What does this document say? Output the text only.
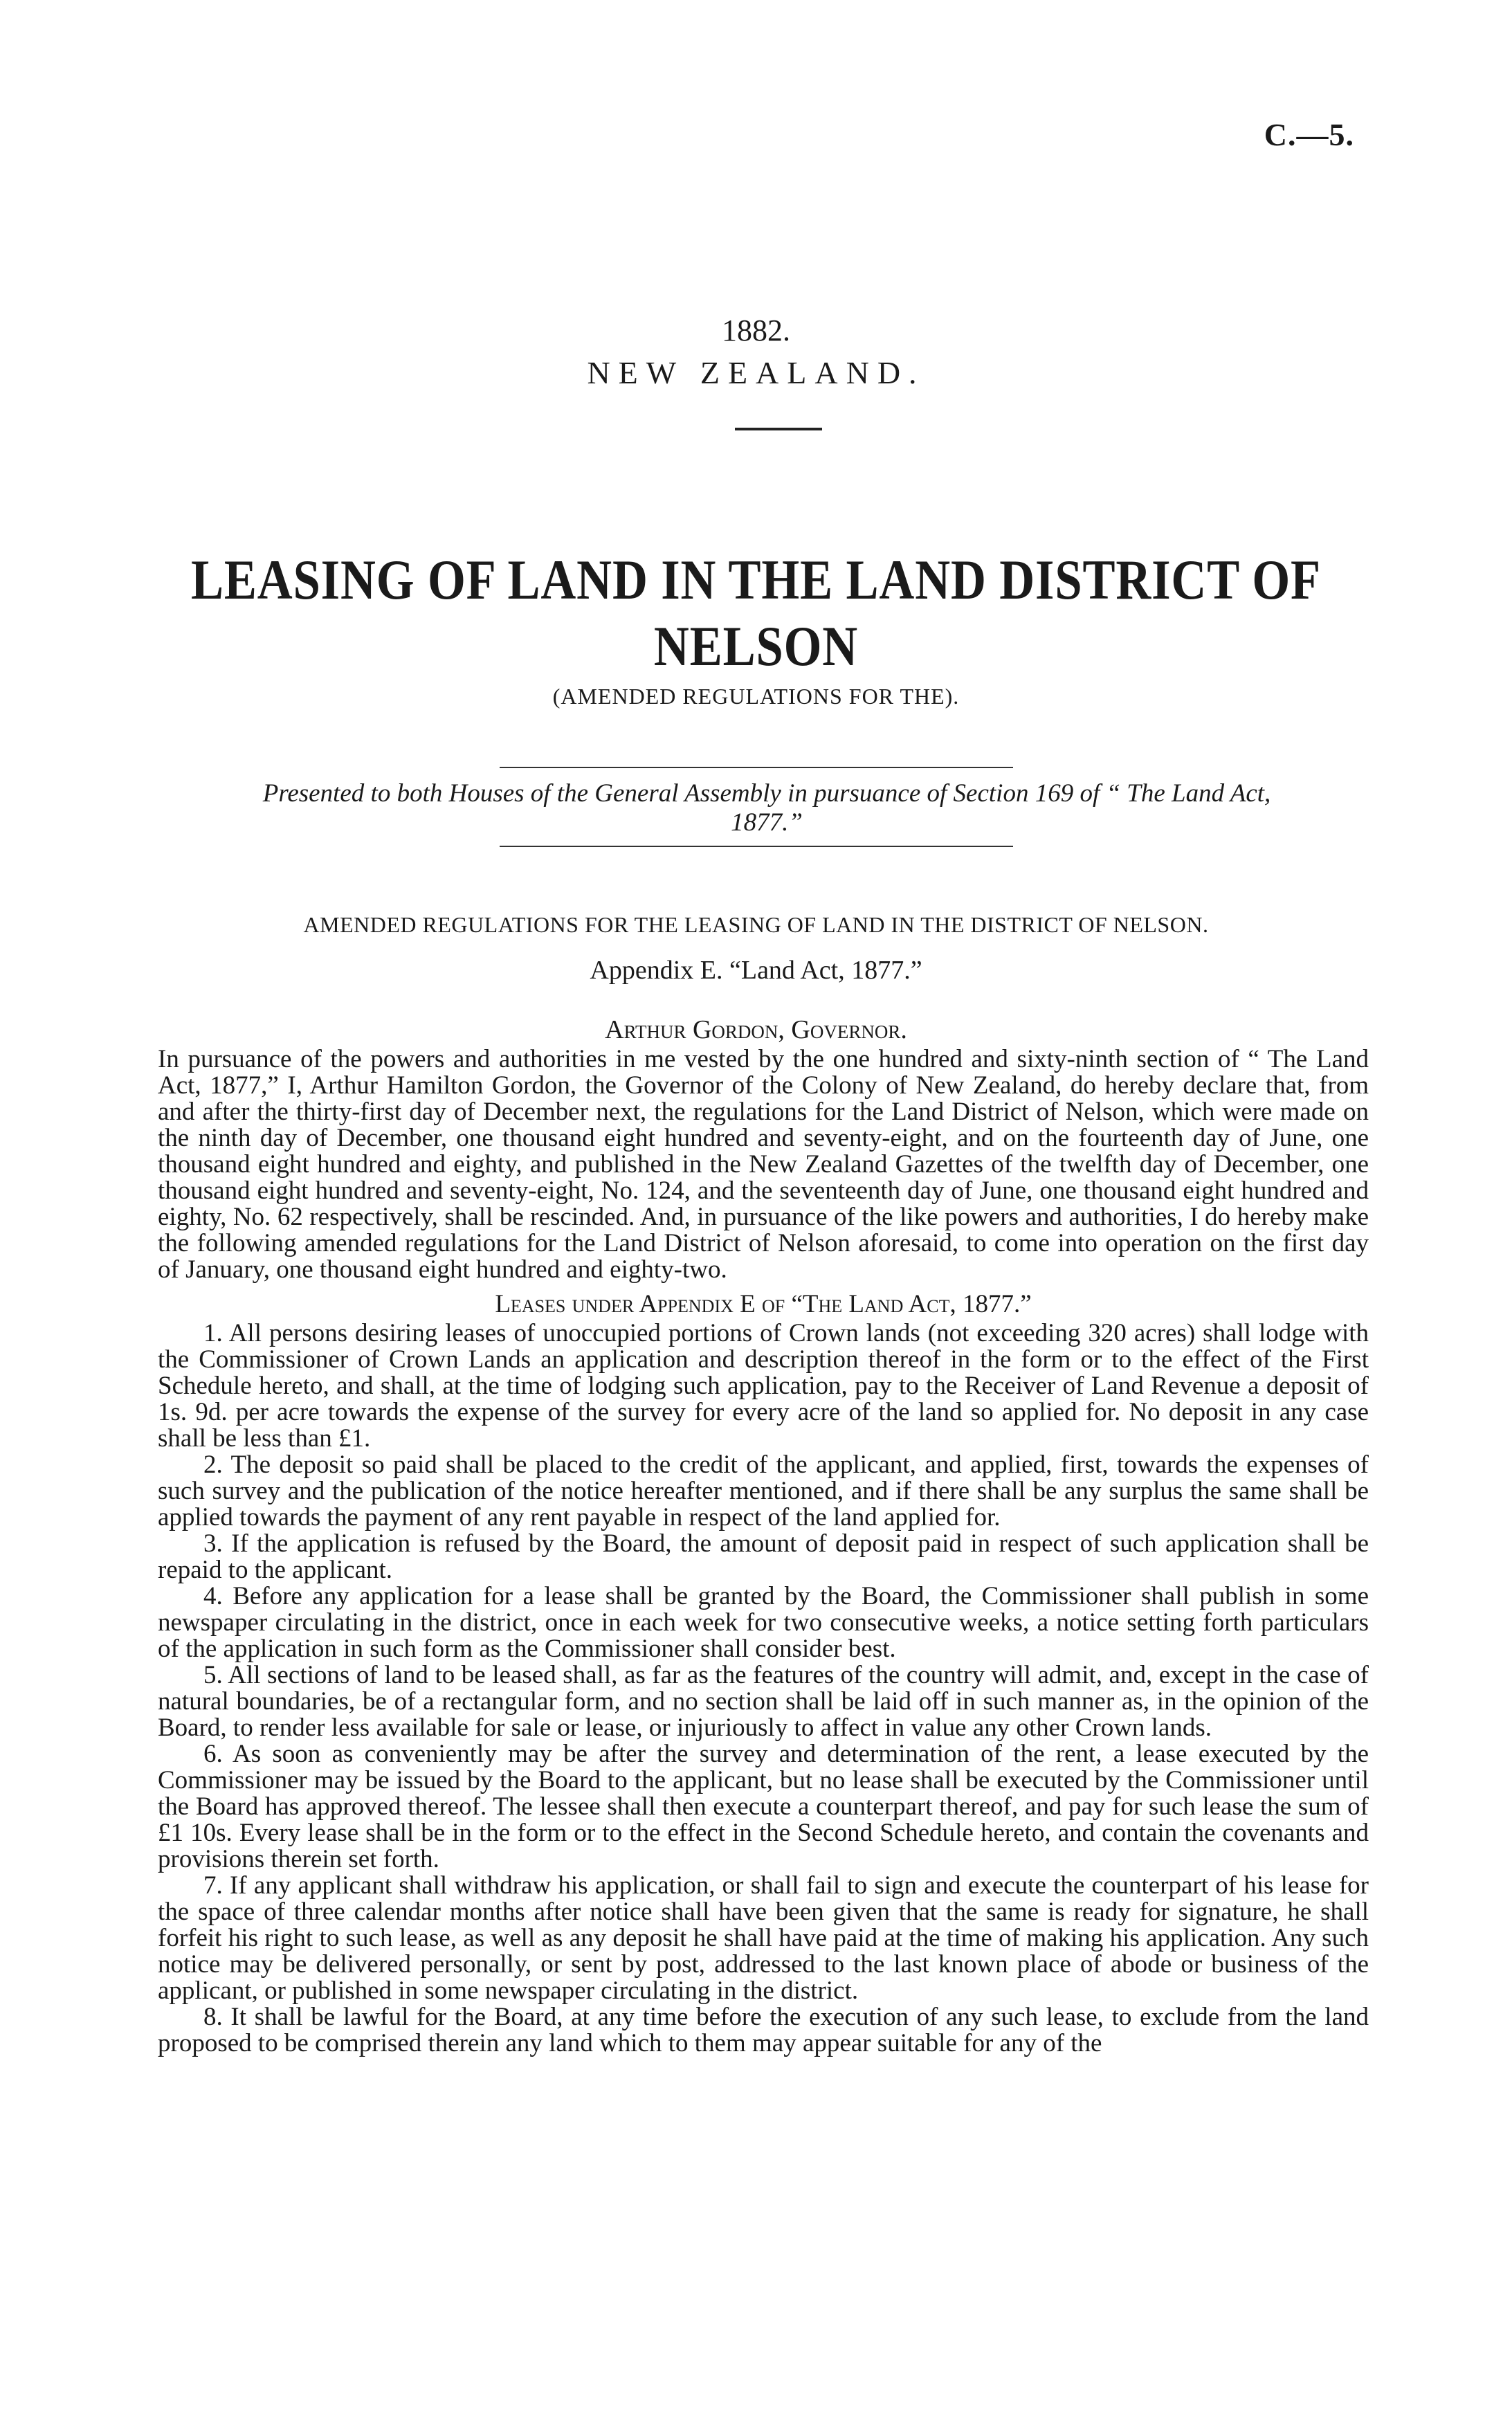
C.—5.
1882.
NEW ZEALAND.
LEASING OF LAND IN THE LAND DISTRICT OF
NELSON
(AMENDED REGULATIONS FOR THE).
Presented to both Houses of the General Assembly in pursuance of Section 169 of “ The Land Act,
1877.”
AMENDED REGULATIONS FOR THE LEASING OF LAND IN THE DISTRICT OF NELSON.
Appendix E. “Land Act, 1877.”
Arthur Gordon, Governor.

In pursuance of the powers and authorities in me vested by the one hundred and sixty-ninth section of “ The Land Act, 1877,” I, Arthur Hamilton Gordon, the Governor of the Colony of New Zealand, do hereby declare that, from and after the thirty-first day of December next, the regulations for the Land District of Nelson, which were made on the ninth day of December, one thousand eight hundred and seventy-eight, and on the fourteenth day of June, one thousand eight hundred and eighty, and published in the New Zealand Gazettes of the twelfth day of December, one thousand eight hundred and seventy-eight, No. 124, and the seventeenth day of June, one thousand eight hundred and eighty, No. 62 respectively, shall be rescinded. And, in pursuance of the like powers and authorities, I do hereby make the following amended regulations for the Land District of Nelson aforesaid, to come into operation on the first day of January, one thousand eight hundred and eighty-two.

Leases under Appendix E of “The Land Act, 1877.”

1. All persons desiring leases of unoccupied portions of Crown lands (not exceeding 320 acres) shall lodge with the Commissioner of Crown Lands an application and description thereof in the form or to the effect of the First Schedule hereto, and shall, at the time of lodging such application, pay to the Receiver of Land Revenue a deposit of 1s. 9d. per acre towards the expense of the survey for every acre of the land so applied for. No deposit in any case shall be less than £1.

2. The deposit so paid shall be placed to the credit of the applicant, and applied, first, towards the expenses of such survey and the publication of the notice hereafter mentioned, and if there shall be any surplus the same shall be applied towards the payment of any rent payable in respect of the land applied for.

3. If the application is refused by the Board, the amount of deposit paid in respect of such application shall be repaid to the applicant.

4. Before any application for a lease shall be granted by the Board, the Commissioner shall publish in some newspaper circulating in the district, once in each week for two consecutive weeks, a notice setting forth particulars of the application in such form as the Commissioner shall consider best.

5. All sections of land to be leased shall, as far as the features of the country will admit, and, except in the case of natural boundaries, be of a rectangular form, and no section shall be laid off in such manner as, in the opinion of the Board, to render less available for sale or lease, or injuriously to affect in value any other Crown lands.

6. As soon as conveniently may be after the survey and determination of the rent, a lease executed by the Commissioner may be issued by the Board to the applicant, but no lease shall be executed by the Commissioner until the Board has approved thereof. The lessee shall then execute a counterpart thereof, and pay for such lease the sum of £1 10s. Every lease shall be in the form or to the effect in the Second Schedule hereto, and contain the covenants and provisions therein set forth.

7. If any applicant shall withdraw his application, or shall fail to sign and execute the counterpart of his lease for the space of three calendar months after notice shall have been given that the same is ready for signature, he shall forfeit his right to such lease, as well as any deposit he shall have paid at the time of making his application. Any such notice may be delivered personally, or sent by post, addressed to the last known place of abode or business of the applicant, or published in some newspaper circulating in the district.

8. It shall be lawful for the Board, at any time before the execution of any such lease, to exclude from the land proposed to be comprised therein any land which to them may appear suitable for any of the
